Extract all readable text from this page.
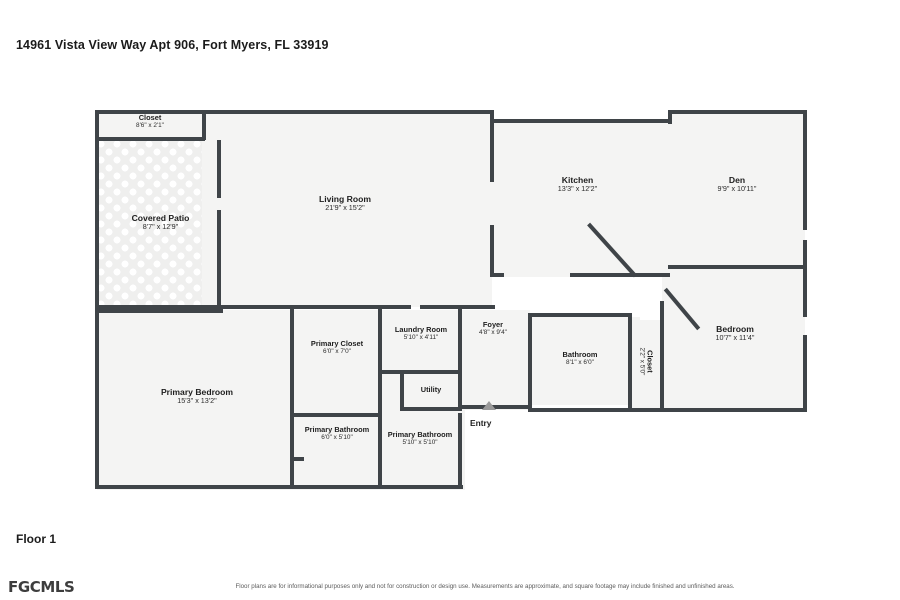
14961 Vista View Way Apt 906, Fort Myers, FL 33919
Closet
8'6" x 2'1"
Covered Patio
8'7" x 12'9"
Living Room
21'9" x 15'2"
Kitchen
13'3" x 12'2"
Den
9'9" x 10'11"
Bedroom
10'7" x 11'4"
Primary Bedroom
15'3" x 13'2"
Primary Closet
6'0" x 7'0"
Laundry Room
5'10" x 4'11"
Foyer
4'8" x 9'4"
Bathroom
8'1" x 6'0"	Closet
2'2" x 5'0"
Utility
Primary Bathroom
6'0" x 5'10"	Primary Bathroom
5'10" x 5'10"
Entry
Floor 1
FGCMLS	Floor plans are for informational purposes only and not for construction or design use. Measurements are approximate, and square footage may include finished and unfinished areas.
